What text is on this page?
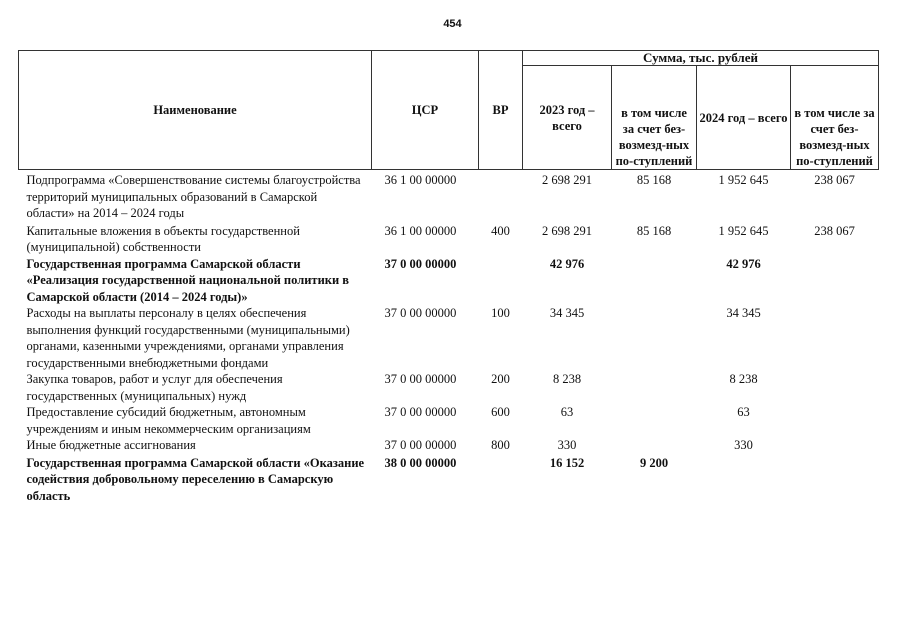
454
Наименование	ЦСР	ВР	Сумма, тыс. рублей			
			2023 год – всего	в том числе за счет без-возмезд-ных по-ступлений	2024 год – всего	в том числе за счет без-возмезд-ных по-ступлений
Подпрограмма «Совершенствование системы благоустройства территорий муниципальных образований в Самарской области» на 2014 – 2024 годы	36 1 00 00000		2 698 291	85 168	1 952 645	238 067
Капитальные вложения в объекты государственной (муниципальной) собственности	36 1 00 00000	400	2 698 291	85 168	1 952 645	238 067
Государственная программа Самарской области «Реализация государственной национальной политики в Самарской области (2014 – 2024 годы)»	37 0 00 00000		42 976		42 976	
Расходы на выплаты персоналу в целях обеспечения выполнения функций государственными (муниципальными) органами, казенными учреждениями, органами управления государственными внебюджетными фондами	37 0 00 00000	100	34 345		34 345	
Закупка товаров, работ и услуг для обеспечения государственных (муниципальных) нужд	37 0 00 00000	200	8 238		8 238	
Предоставление субсидий бюджетным, автономным учреждениям и иным некоммерческим организациям	37 0 00 00000	600	63		63	
Иные бюджетные ассигнования	37 0 00 00000	800	330		330	
Государственная программа Самарской области «Оказание содействия добровольному переселению в Самарскую область	38 0 00 00000		16 152	9 200		
